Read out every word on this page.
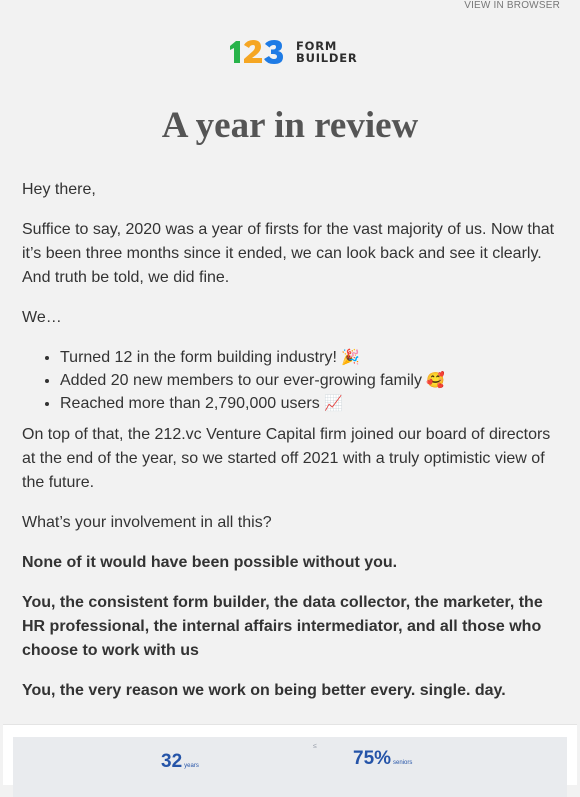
VIEW IN BROWSER
FORM
BUILDER
A year in review

Hey there,

Suffice to say, 2020 was a year of firsts for the vast majority of us. Now that it’s been three months since it ended, we can look back and see it clearly. And truth be told, we did fine.

We…

• Turned 12 in the form building industry! 🎉
• Added 20 new members to our ever-growing family 🥰
• Reached more than 2,790,000 users 📈

On top of that, the 212.vc Venture Capital firm joined our board of directors at the end of the year, so we started off 2021 with a truly optimistic view of the future.

What’s your involvement in all this?

None of it would have been possible without you.

You, the consistent form builder, the data collector, the marketer, the HR professional, the internal affairs intermediator, and all those who choose to work with us

You, the very reason we work on being better every. single. day.

≤
32 years	75% seniors
